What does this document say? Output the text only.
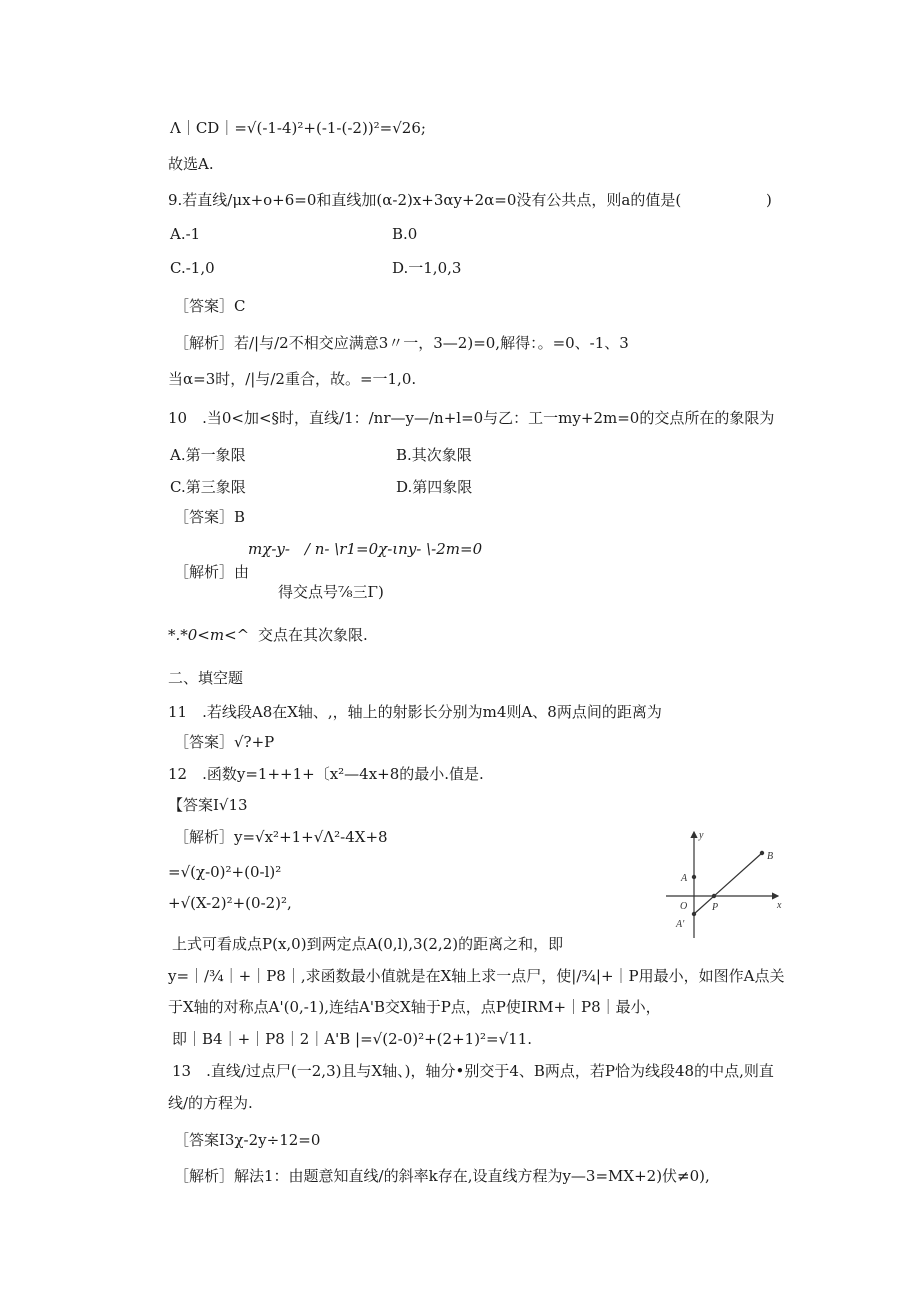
Λ｜CD｜=√(-1-4)²+(-1-(-2))²=√26;
故选A.
9.若直线/μx+o+6=0和直线加(α-2)x+3αy+2α=0没有公共点，则a的值是(	)
A.-1	B.0
C.-1,0	D.一1,0,3
［答案］C
［解析］若/|与/2不相交应满意3〃一，3—2)=0,解得：。=0、-1、3
当α=3时，/|与/2重合，故。=一1,0.
10　.当0<加<§时，直线/1：/nr—y—/n+l=0与乙：工一my+2m=0的交点所在的象限为
A.第一象限	B.其次象限
C.第三象限	D.第四象限
［答案］B
mχ-y-　/ n- \r1=0χ-ιny- \-2m=0
［解析］由
得交点号⅞三Γ)
*.*0<m<^ 交点在其次象限.
二、填空题
11　.若线段A8在X轴、,，轴上的射影长分别为m4则A、8两点间的距离为
［答案］√?+P
12　.函数y=1++1+〔x²—4x+8的最小.值是.
【答案I√13
［解析］y=√x²+1+√Λ²-4X+8
=√(χ-0)²+(0-l)²
+√(X-2)²+(0-2)²,
上式可看成点P(x,0)到两定点A(0,l),3(2,2)的距离之和，即
y=｜∕¾｜+｜P8｜,求函数最小值就是在X轴上求一点尸，使|∕¾|+｜P用最小，如图作A点关
于X轴的对称点A'(0,-1),连结A'B交X轴于P点，点P使IRM+｜P8｜最小，
即｜B4｜+｜P8｜2｜A'B |=√(2-0)²+(2+1)²=√11.
13　.直线/过点尸(一2,3)且与X轴、)，轴分•别交于4、B两点，若P恰为线段48的中点,则直
线/的方程为.
［答案I3χ-2y÷12=0
［解析］解法1：由题意知直线/的斜率k存在,设直线方程为y—3=MX+2)伏≠0),
y
x
O
A
A'
P
B
